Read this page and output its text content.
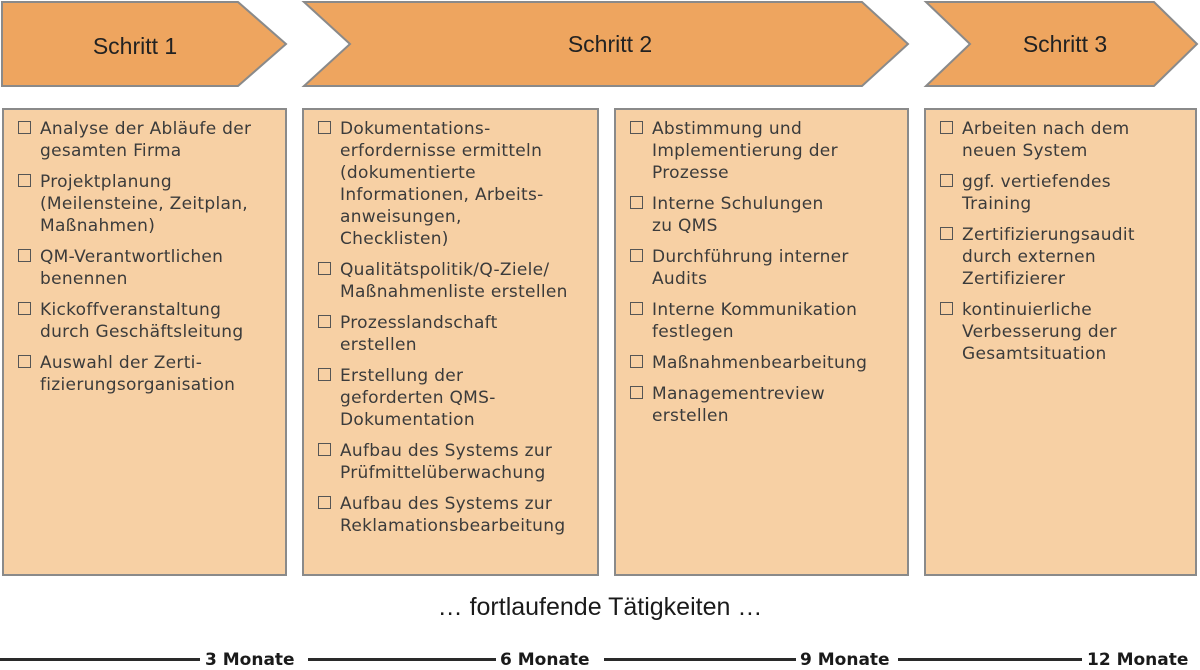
Schritt 1	Schritt 2	Schritt 3
Analyse der Abläufe der
gesamten Firma
Projektplanung
(Meilensteine, Zeitplan,
Maßnahmen)
QM-Verantwortlichen
benennen
Kickoffveranstaltung
durch Geschäftsleitung
Auswahl der Zerti-
fizierungsorganisation
Dokumentations-
erfordernisse ermitteln
(dokumentierte
Informationen, Arbeits-
anweisungen,
Checklisten)
Qualitätspolitik/Q-Ziele/
Maßnahmenliste erstellen
Prozesslandschaft
erstellen
Erstellung der
geforderten QMS-
Dokumentation
Aufbau des Systems zur
Prüfmittelüberwachung
Aufbau des Systems zur
Reklamationsbearbeitung
Abstimmung und
Implementierung der
Prozesse
Interne Schulungen
zu QMS
Durchführung interner
Audits
Interne Kommunikation
festlegen
Maßnahmenbearbeitung
Managementreview
erstellen
Arbeiten nach dem
neuen System
ggf. vertiefendes
Training
Zertifizierungsaudit
durch externen
Zertifizierer
kontinuierliche
Verbesserung der
Gesamtsituation
… fortlaufende Tätigkeiten …
3 Monate	6 Monate	9 Monate	12 Monate
